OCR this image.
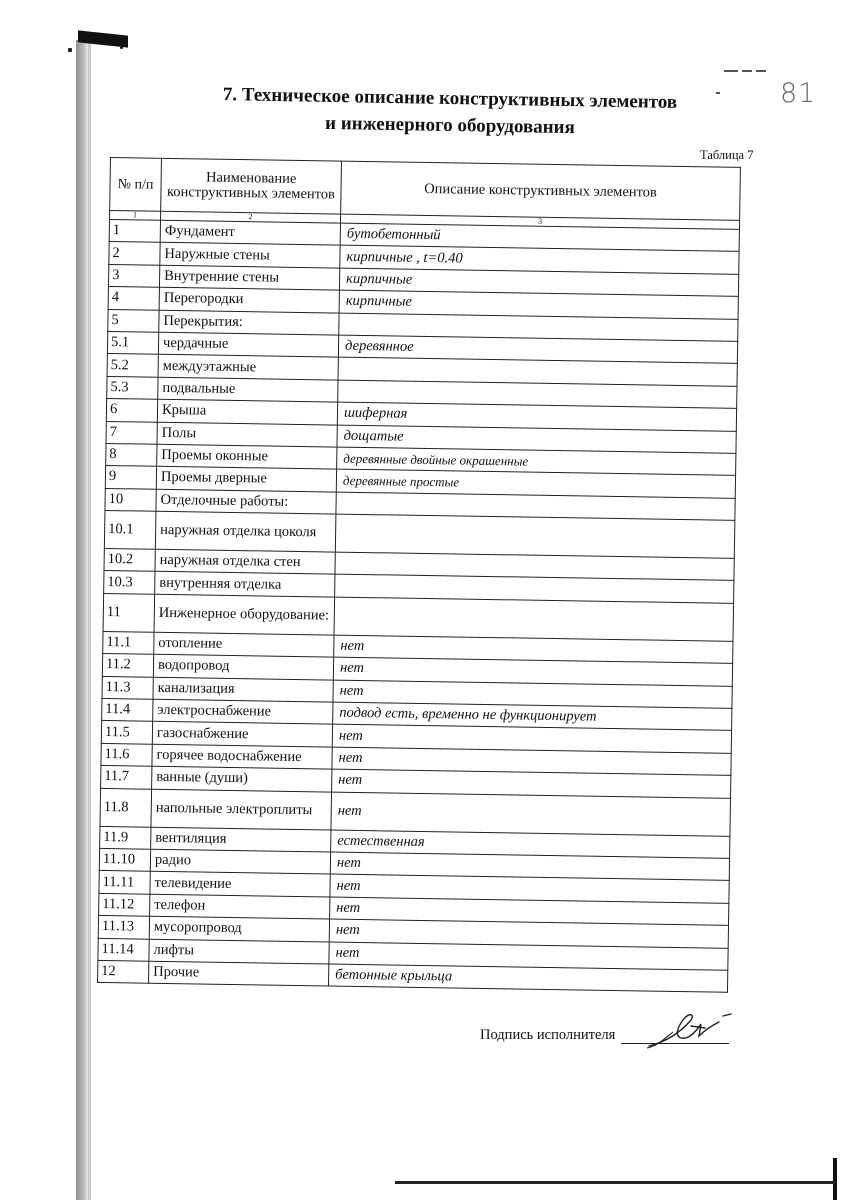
81
7. Техническое описание конструктивных элементов
и инженерного оборудования
Таблица 7
№ п/п	Наименование конструктивных элементов	Описание конструктивных элементов
1	2	3
1	Фундамент	бутобетонный
2	Наружные стены	кирпичные , t=0.40
3	Внутренние стены	кирпичные
4	Перегородки	кирпичные
5	Перекрытия:	
5.1	чердачные	деревянное
5.2	междуэтажные	
5.3	подвальные	
6	Крыша	шиферная
7	Полы	дощатые
8	Проемы оконные	деревянные двойные окрашенные
9	Проемы дверные	деревянные простые
10	Отделочные работы:	
10.1	наружная отделка цоколя	
10.2	наружная отделка стен	
10.3	внутренняя отделка	
11	Инженерное оборудование:	
11.1	отопление	нет
11.2	водопровод	нет
11.3	канализация	нет
11.4	электроснабжение	подвод есть, временно не функционирует
11.5	газоснабжение	нет
11.6	горячее водоснабжение	нет
11.7	ванные (души)	нет
11.8	напольные электроплиты	нет
11.9	вентиляция	естественная
11.10	радио	нет
11.11	телевидение	нет
11.12	телефон	нет
11.13	мусоропровод	нет
11.14	лифты	нет
12	Прочие	бетонные крыльца
Подпись исполнителя
